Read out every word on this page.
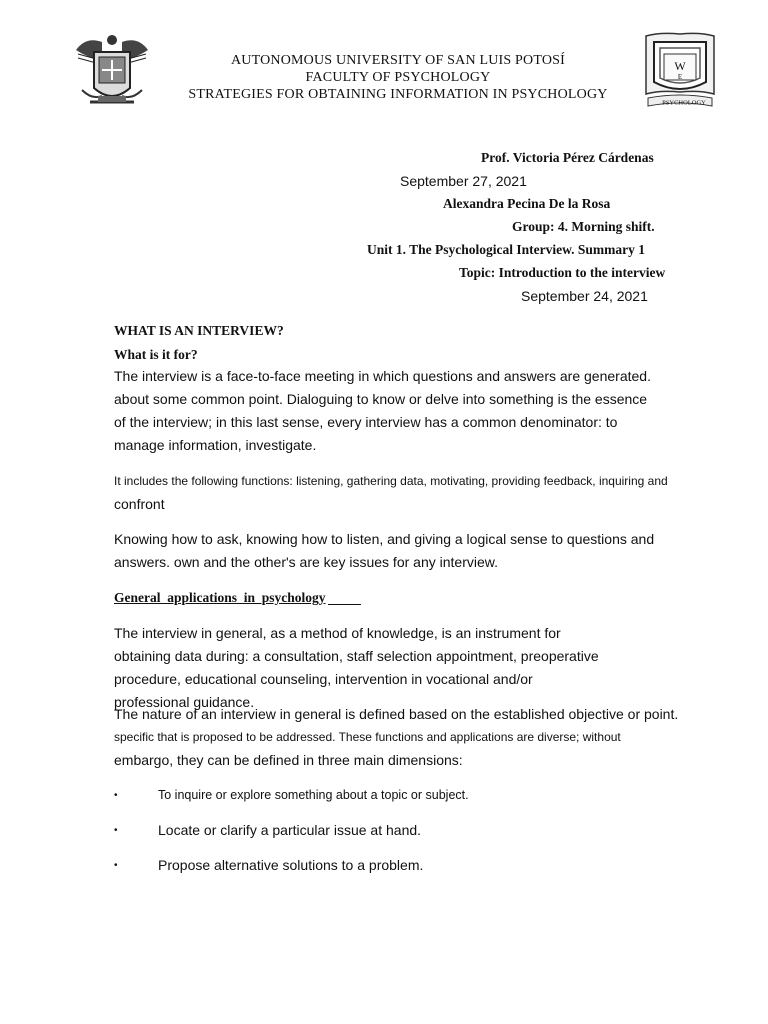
W
E
PSYCHOLOGY
AUTONOMOUS UNIVERSITY OF SAN LUIS POTOSÍ
FACULTY OF PSYCHOLOGY
STRATEGIES FOR OBTAINING INFORMATION IN PSYCHOLOGY
Prof. Victoria Pérez Cárdenas
September 27, 2021
Alexandra Pecina De la Rosa
Group: 4. Morning shift.
Unit 1. The Psychological Interview. Summary 1
Topic: Introduction to the interview
September 24, 2021
WHAT IS AN INTERVIEW?
What is it for?
The interview is a face-to-face meeting in which questions and answers are generated. about some common point. Dialoguing to know or delve into something is the essence of the interview; in this last sense, every interview has a common denominator: to manage information, investigate.
It includes the following functions: listening, gathering data, motivating, providing feedback, inquiring and
confront
Knowing how to ask, knowing how to listen, and giving a logical sense to questions and answers. own and the other's are key issues for any interview.
General  applications  in  psychology
The interview in general, as a method of knowledge, is an instrument for obtaining data during: a consultation, staff selection appointment, preoperative procedure, educational counseling, intervention in vocational and/or professional guidance.
The nature of an interview in general is defined based on the established objective or point.
specific that is proposed to be addressed. These functions and applications are diverse; without
embargo, they can be defined in three main dimensions:
•	To inquire or explore something about a topic or subject.
•	Locate or clarify a particular issue at hand.
•	Propose alternative solutions to a problem.
